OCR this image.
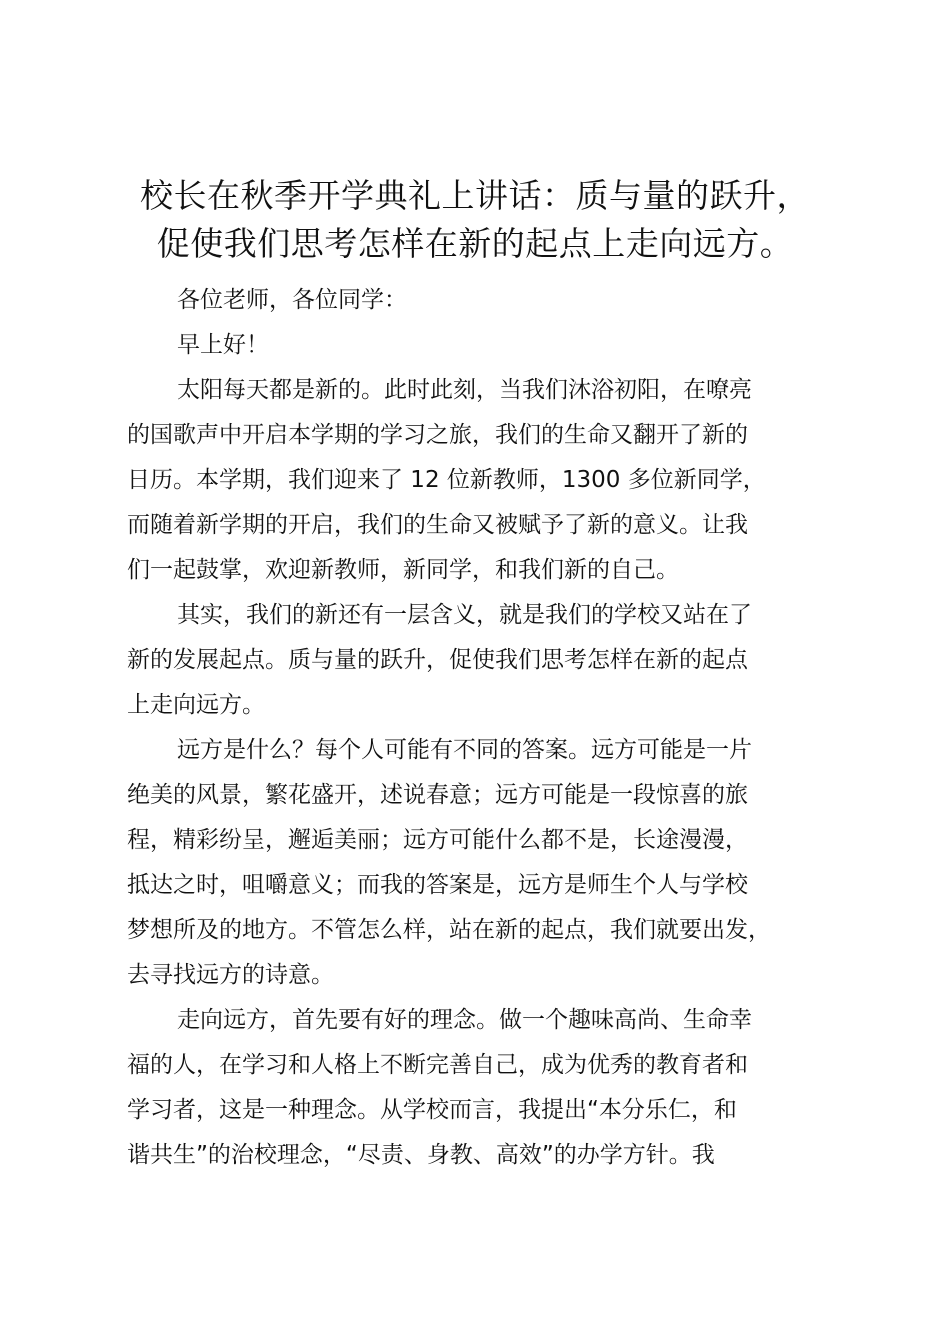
校长在秋季开学典礼上讲话：质与量的跃升，
促使我们思考怎样在新的起点上走向远方。

各位老师，各位同学：

早上好！

太阳每天都是新的。此时此刻，当我们沐浴初阳，在嘹亮
的国歌声中开启本学期的学习之旅，我们的生命又翻开了新的
日历。本学期，我们迎来了 12 位新教师，1300 多位新同学，
而随着新学期的开启，我们的生命又被赋予了新的意义。让我
们一起鼓掌，欢迎新教师，新同学，和我们新的自己。

其实，我们的新还有一层含义，就是我们的学校又站在了
新的发展起点。质与量的跃升，促使我们思考怎样在新的起点
上走向远方。

远方是什么？每个人可能有不同的答案。远方可能是一片
绝美的风景，繁花盛开，述说春意；远方可能是一段惊喜的旅
程，精彩纷呈，邂逅美丽；远方可能什么都不是，长途漫漫，
抵达之时，咀嚼意义；而我的答案是，远方是师生个人与学校
梦想所及的地方。不管怎么样，站在新的起点，我们就要出发，
去寻找远方的诗意。

走向远方，首先要有好的理念。做一个趣味高尚、生命幸
福的人，在学习和人格上不断完善自己，成为优秀的教育者和
学习者，这是一种理念。从学校而言，我提出“本分乐仁，和
谐共生”的治校理念，“尽责、身教、高效”的办学方针。我
